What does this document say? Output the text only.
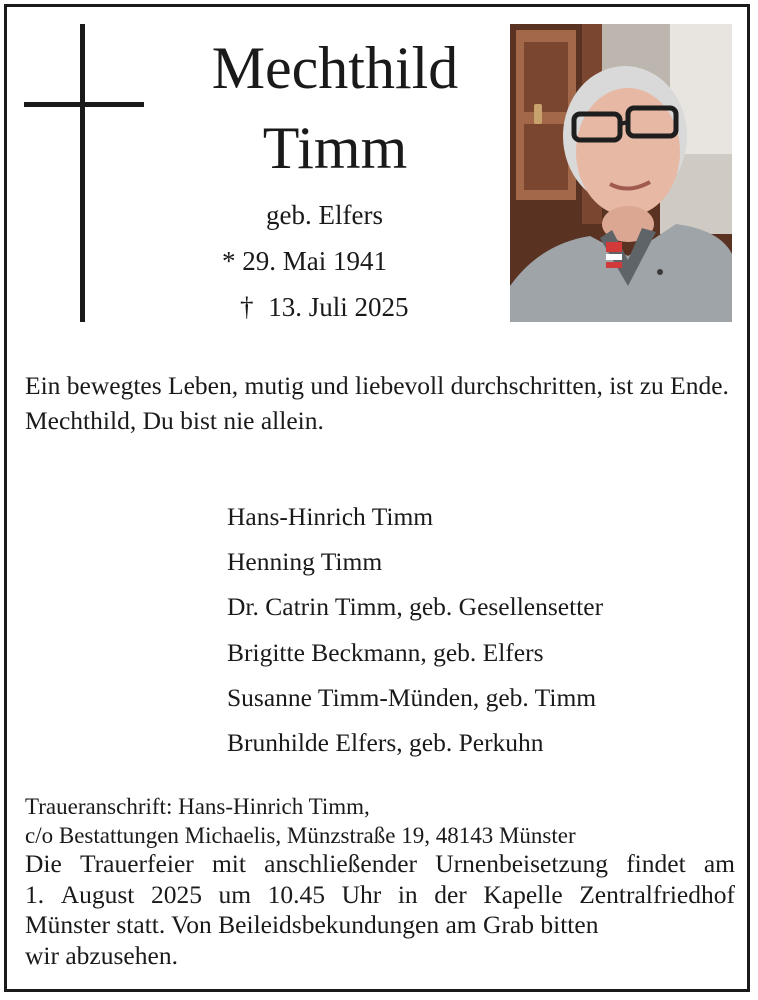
Mechthild
Timm
geb. Elfers
* 29. Mai 1941
† 13. Juli 2025

Ein bewegtes Leben, mutig und liebevoll durchschritten, ist zu Ende.

Mechthild, Du bist nie allein.

Hans-Hinrich Timm
Henning Timm
Dr. Catrin Timm, geb. Gesellensetter
Brigitte Beckmann, geb. Elfers
Susanne Timm-Münden, geb. Timm
Brunhilde Elfers, geb. Perkuhn

Traueranschrift: Hans-Hinrich Timm,

c/o Bestattungen Michaelis, Münzstraße 19, 48143 Münster

Die Trauerfeier mit anschließender Urnenbeisetzung findet am

1. August 2025 um 10.45 Uhr in der Kapelle Zentralfriedhof

Münster statt. Von Beileidsbekundungen am Grab bitten

wir abzusehen.
